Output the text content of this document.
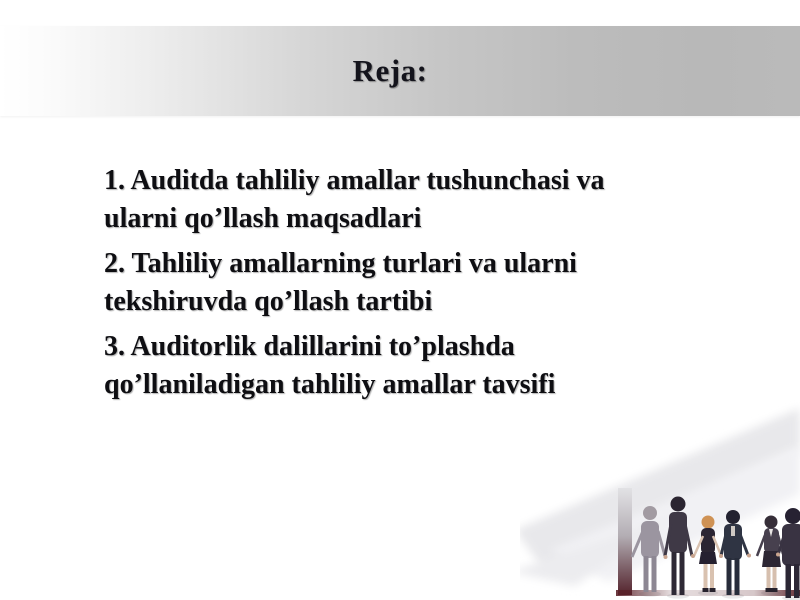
Reja:

1. Auditda tahliliy amallar tushunchasi va
ularni qo’llash maqsadlari

2. Tahliliy amallarning turlari va ularni
tekshiruvda qo’llash tartibi

3. Auditorlik dalillarini to’plashda
qo’llaniladigan tahliliy amallar tavsifi
